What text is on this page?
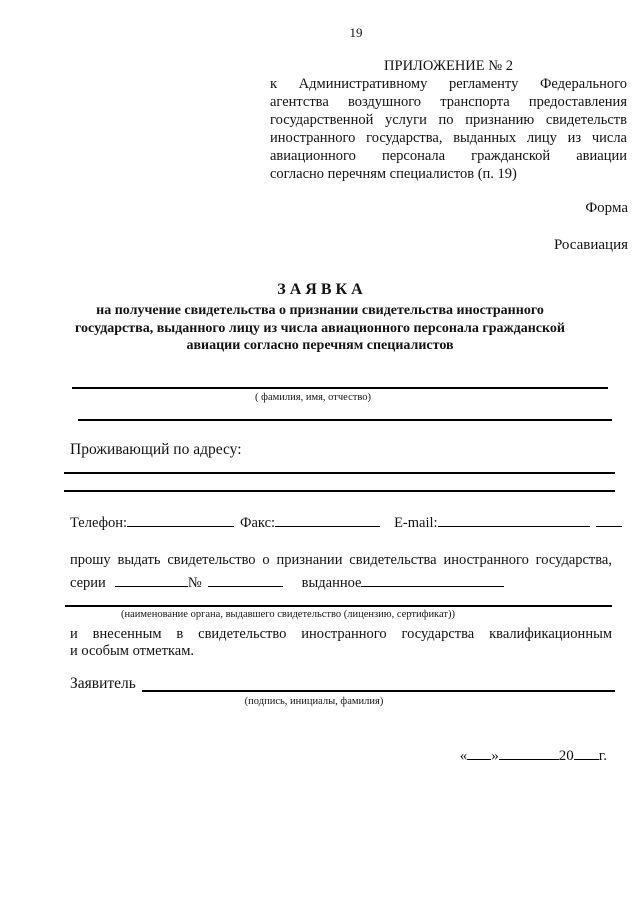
19
ПРИЛОЖЕНИЕ № 2
к Административному регламенту Федерального
агентства воздушного транспорта предоставления
государственной услуги по признанию свидетельств
иностранного государства, выданных лицу из числа
авиационного персонала гражданской авиации
согласно перечням специалистов (п. 19)
Форма
Росавиация
З А Я В К А
на получение свидетельства о признании свидетельства иностранного
государства, выданного лицу из числа авиационного персонала гражданской
авиации согласно перечням специалистов
( фамилия, имя, отчество)
Проживающий по адресу:
Телефон:	Факс:	E-mail:
прошу выдать свидетельство о признании свидетельства иностранного государства,
серии	№	выданное
(наименование органа, выдавшего свидетельство (лицензию, сертификат))
и внесенным в свидетельство иностранного государства квалификационным
и особым отметкам.
Заявитель
(подпись, инициалы, фамилия)
« »	20 г.
